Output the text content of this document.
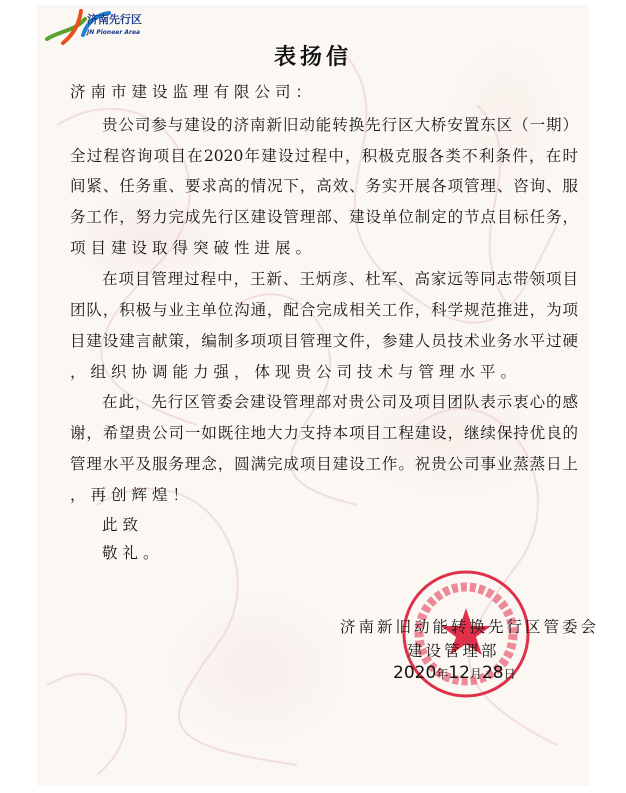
济南先行区
JN Pioneer Area
表扬信
济南市建设监理有限公司：
贵公司参与建设的济南新旧动能转换先行区大桥安置东区（一期）
全过程咨询项目在2020年建设过程中，积极克服各类不利条件，在时
间紧、任务重、要求高的情况下，高效、务实开展各项管理、咨询、服
务工作，努力完成先行区建设管理部、建设单位制定的节点目标任务，
项目建设取得突破性进展。
在项目管理过程中，王新、王炳彦、杜军、高家远等同志带领项目
团队，积极与业主单位沟通，配合完成相关工作，科学规范推进，为项
目建设建言献策，编制多项项目管理文件，参建人员技术业务水平过硬
，组织协调能力强，体现贵公司技术与管理水平。
在此，先行区管委会建设管理部对贵公司及项目团队表示衷心的感
谢，希望贵公司一如既往地大力支持本项目工程建设，继续保持优良的
管理水平及服务理念，圆满完成项目建设工作。祝贵公司事业蒸蒸日上
，再创辉煌！
此致
敬礼。
济南新旧动能转换先行区管委会
建设管理部
2020年12月28日
